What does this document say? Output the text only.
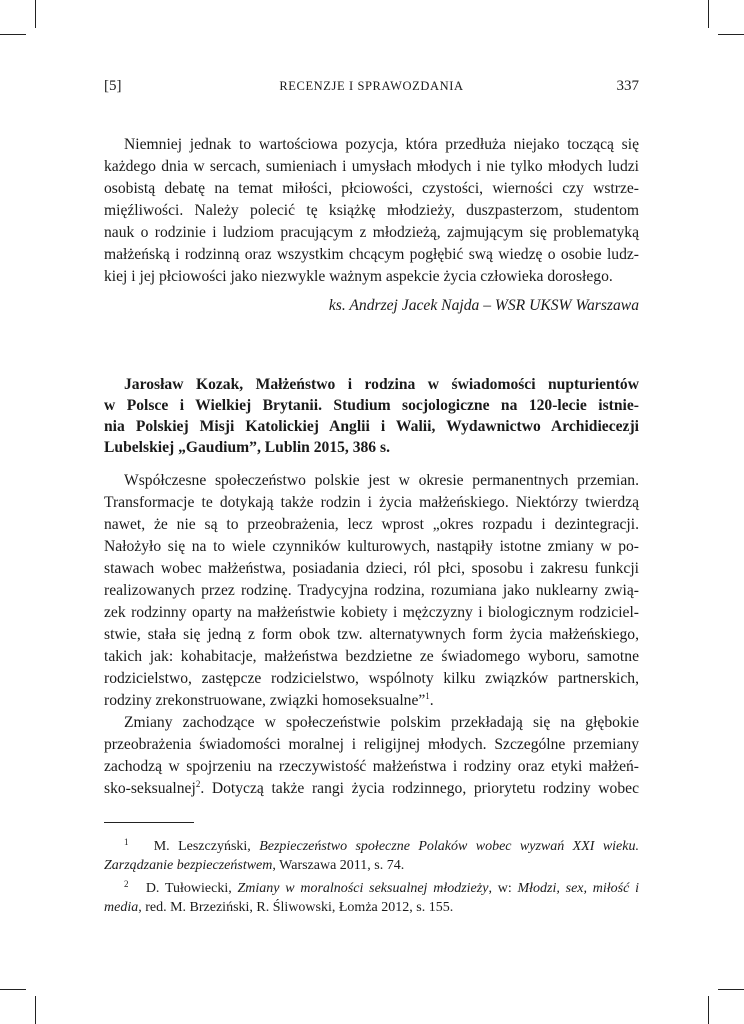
[5]	RECENZJE I SPRAWOZDANIA	337
Niemniej jednak to wartościowa pozycja, która przedłuża niejako toczącą się
każdego dnia w sercach, sumieniach i umysłach młodych i nie tylko młodych ludzi
osobistą debatę na temat miłości, płciowości, czystości, wierności czy wstrze-
mięźliwości. Należy polecić tę książkę młodzieży, duszpasterzom, studentom
nauk o rodzinie i ludziom pracującym z młodzieżą, zajmującym się problematyką
małżeńską i rodzinną oraz wszystkim chcącym pogłębić swą wiedzę o osobie ludz-
kiej i jej płciowości jako niezwykle ważnym aspekcie życia człowieka dorosłego.
ks. Andrzej Jacek Najda – WSR UKSW Warszawa
Jarosław Kozak, Małżeństwo i rodzina w świadomości nupturientów
w Polsce i Wielkiej Brytanii. Studium socjologiczne na 120-lecie istnie-
nia Polskiej Misji Katolickiej Anglii i Walii, Wydawnictwo Archidiecezji
Lubelskiej „Gaudium”, Lublin 2015, 386 s.
Współczesne społeczeństwo polskie jest w okresie permanentnych przemian.
Transformacje te dotykają także rodzin i życia małżeńskiego. Niektórzy twierdzą
nawet, że nie są to przeobrażenia, lecz wprost „okres rozpadu i dezintegracji.
Nałożyło się na to wiele czynników kulturowych, nastąpiły istotne zmiany w po-
stawach wobec małżeństwa, posiadania dzieci, ról płci, sposobu i zakresu funkcji
realizowanych przez rodzinę. Tradycyjna rodzina, rozumiana jako nuklearny zwią-
zek rodzinny oparty na małżeństwie kobiety i mężczyzny i biologicznym rodziciel-
stwie, stała się jedną z form obok tzw. alternatywnych form życia małżeńskiego,
takich jak: kohabitacje, małżeństwa bezdzietne ze świadomego wyboru, samotne
rodzicielstwo, zastępcze rodzicielstwo, wspólnoty kilku związków partnerskich,
rodziny zrekonstruowane, związki homoseksualne”$^1$.
Zmiany zachodzące w społeczeństwie polskim przekładają się na głębokie
przeobrażenia świadomości moralnej i religijnej młodych. Szczególne przemiany
zachodzą w spojrzeniu na rzeczywistość małżeństwa i rodziny oraz etyki małżeń-
sko-seksualnej$^2$. Dotyczą także rangi życia rodzinnego, priorytetu rodziny wobec
$^1$ M. Leszczyński, Bezpieczeństwo społeczne Polaków wobec wyzwań XXI wieku. Zarządzanie bezpieczeństwem, Warszawa 2011, s. 74.
$^2$ D. Tułowiecki, Zmiany w moralności seksualnej młodzieży, w: Młodzi, sex, miłość i media, red. M. Brzeziński, R. Śliwowski, Łomża 2012, s. 155.
